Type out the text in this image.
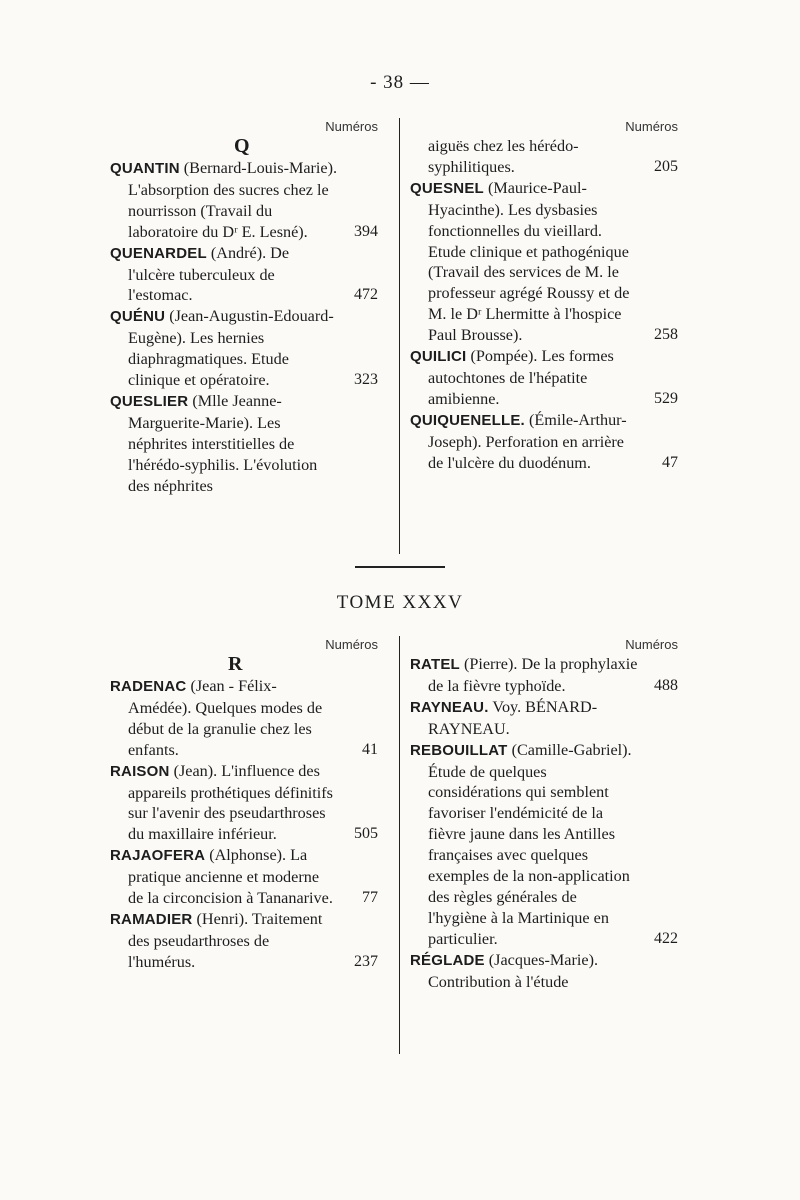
- 38 —
Numéros
Q
QUANTIN (Bernard-Louis-Marie). L'absorption des sucres chez le nourrisson (Travail du laboratoire du Dʳ E. Lesné).	394
QUENARDEL (André). De l'ulcère tuberculeux de l'estomac.	472
QUÉNU (Jean-Augustin-Edouard-Eugène). Les hernies diaphragmatiques. Etude clinique et opératoire.	323
QUESLIER (Mlle Jeanne-Marguerite-Marie). Les néphrites interstitielles de l'hérédo-syphilis. L'évolution des néphrites
Numéros
aiguës chez les hérédo-syphilitiques.	205
QUESNEL (Maurice-Paul-Hyacinthe). Les dysbasies fonctionnelles du vieillard. Etude clinique et pathogénique (Travail des services de M. le professeur agrégé Roussy et de M. le Dʳ Lhermitte à l'hospice Paul Brousse).	258
QUILICI (Pompée). Les formes autochtones de l'hépatite amibienne.	529
QUIQUENELLE. (Émile-Arthur-Joseph). Perforation en arrière de l'ulcère du duodénum.	47
TOME XXXV
Numéros
R
RADENAC (Jean - Félix-Amédée). Quelques modes de début de la granulie chez les enfants.	41
RAISON (Jean). L'influence des appareils prothétiques définitifs sur l'avenir des pseudarthroses du maxillaire inférieur.	505
RAJAOFERA (Alphonse). La pratique ancienne et moderne de la circoncision à Tananarive. 77
RAMADIER (Henri). Traitement des pseudarthroses de l'humérus.	237
Numéros
RATEL (Pierre). De la prophylaxie de la fièvre typhoïde.	488
RAYNEAU. Voy. BÉNARD-RAYNEAU.
REBOUILLAT (Camille-Gabriel). Étude de quelques considérations qui semblent favoriser l'endémicité de la fièvre jaune dans les Antilles françaises avec quelques exemples de la non-application des règles générales de l'hygiène à la Martinique en particulier.	422
RÉGLADE (Jacques-Marie). Contribution à l'étude
